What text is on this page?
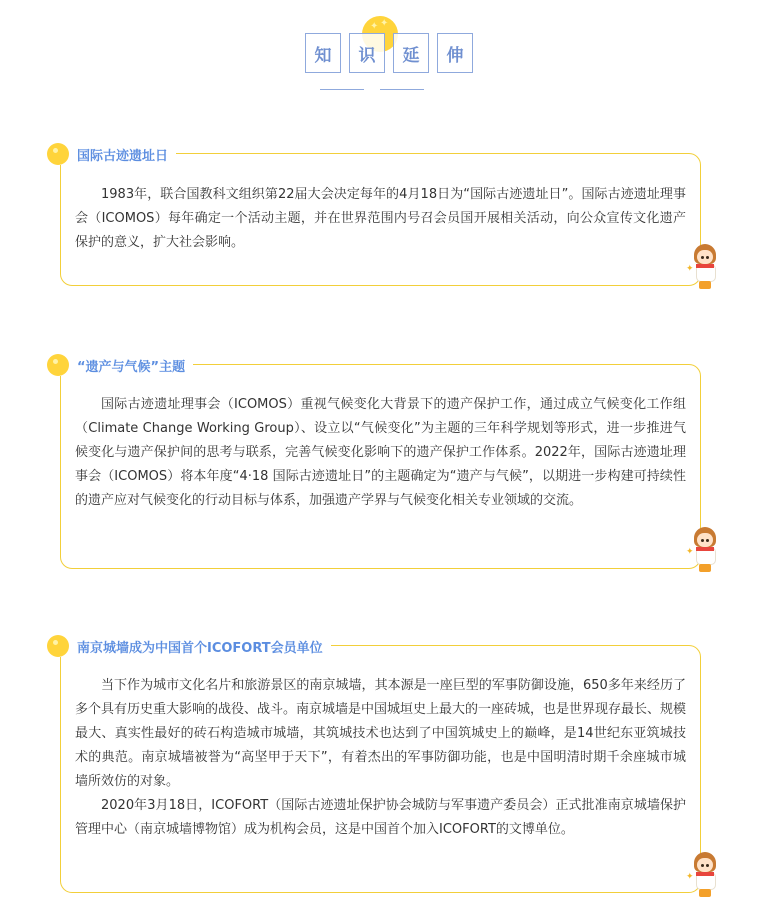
✦ ✦
知	识	延	伸
国际古迹遗址日

1983年，联合国教科文组织第22届大会决定每年的4月18日为“国际古迹遗址日”。国际古迹遗址理事会（ICOMOS）每年确定一个活动主题，并在世界范围内号召会员国开展相关活动，向公众宣传文化遗产保护的意义，扩大社会影响。

✦
“遗产与气候”主题

国际古迹遗址理事会（ICOMOS）重视气候变化大背景下的遗产保护工作，通过成立气候变化工作组（Climate Change Working Group）、设立以“气候变化”为主题的三年科学规划等形式，进一步推进气候变化与遗产保护间的思考与联系，完善气候变化影响下的遗产保护工作体系。2022年，国际古迹遗址理事会（ICOMOS）将本年度“4·18 国际古迹遗址日”的主题确定为“遗产与气候”，以期进一步构建可持续性的遗产应对气候变化的行动目标与体系，加强遗产学界与气候变化相关专业领域的交流。

✦
南京城墙成为中国首个ICOFORT会员单位

当下作为城市文化名片和旅游景区的南京城墙，其本源是一座巨型的军事防御设施，650多年来经历了多个具有历史重大影响的战役、战斗。南京城墙是中国城垣史上最大的一座砖城，也是世界现存最长、规模最大、真实性最好的砖石构造城市城墙，其筑城技术也达到了中国筑城史上的巅峰，是14世纪东亚筑城技术的典范。南京城墙被誉为“高坚甲于天下”，有着杰出的军事防御功能，也是中国明清时期千余座城市城墙所效仿的对象。

2020年3月18日，ICOFORT（国际古迹遗址保护协会城防与军事遗产委员会）正式批准南京城墙保护管理中心（南京城墙博物馆）成为机构会员，这是中国首个加入ICOFORT的文博单位。

✦
